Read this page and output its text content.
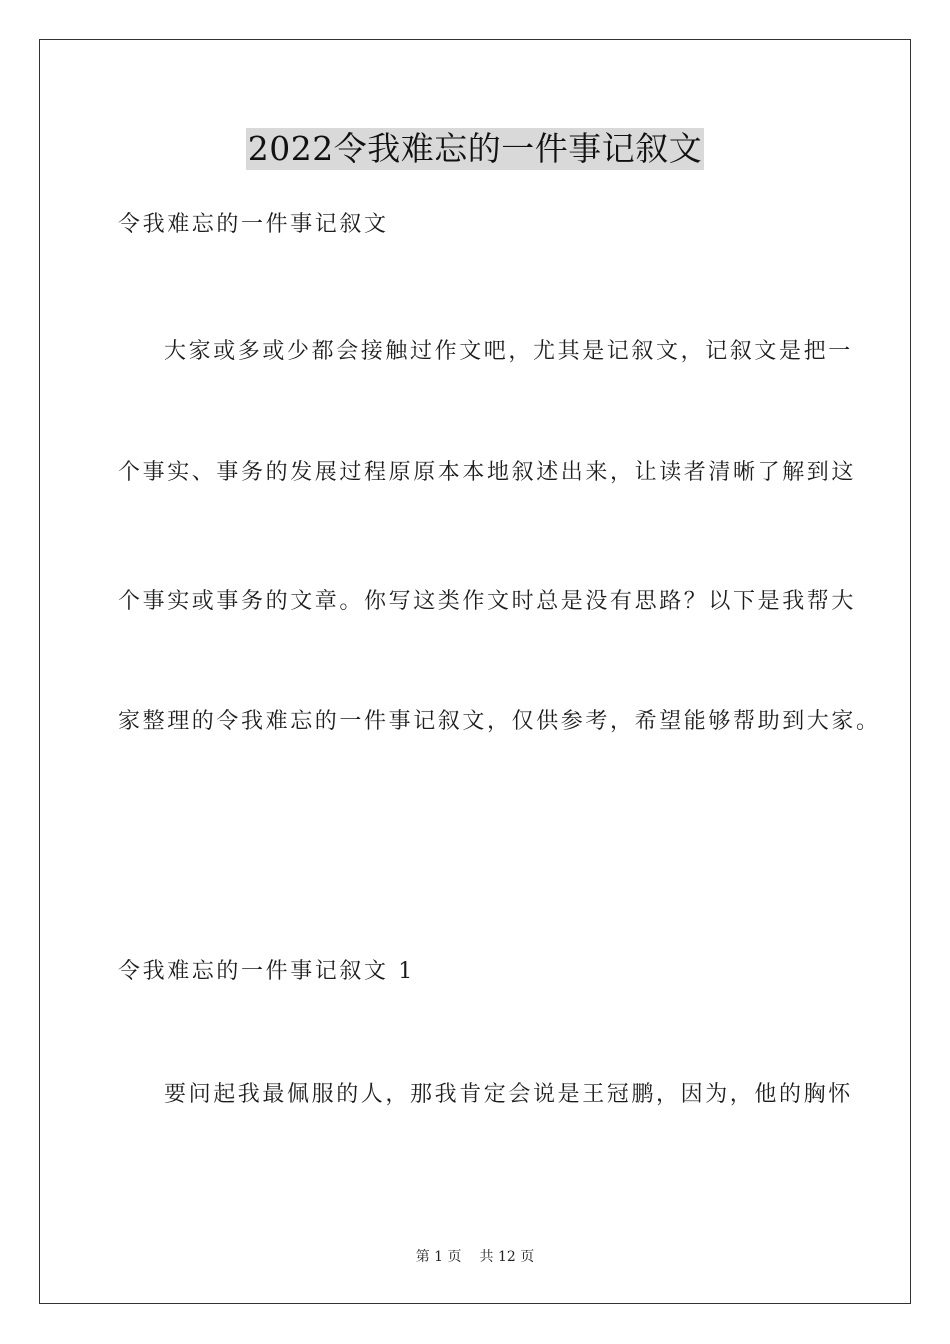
2022令我难忘的一件事记叙文
令我难忘的一件事记叙文
大家或多或少都会接触过作文吧，尤其是记叙文，记叙文是把一
个事实、事务的发展过程原原本本地叙述出来，让读者清晰了解到这
个事实或事务的文章。你写这类作文时总是没有思路？以下是我帮大
家整理的令我难忘的一件事记叙文，仅供参考，希望能够帮助到大家。
令我难忘的一件事记叙文 1
要问起我最佩服的人，那我肯定会说是王冠鹏，因为，他的胸怀
第 1 页 共 12 页
